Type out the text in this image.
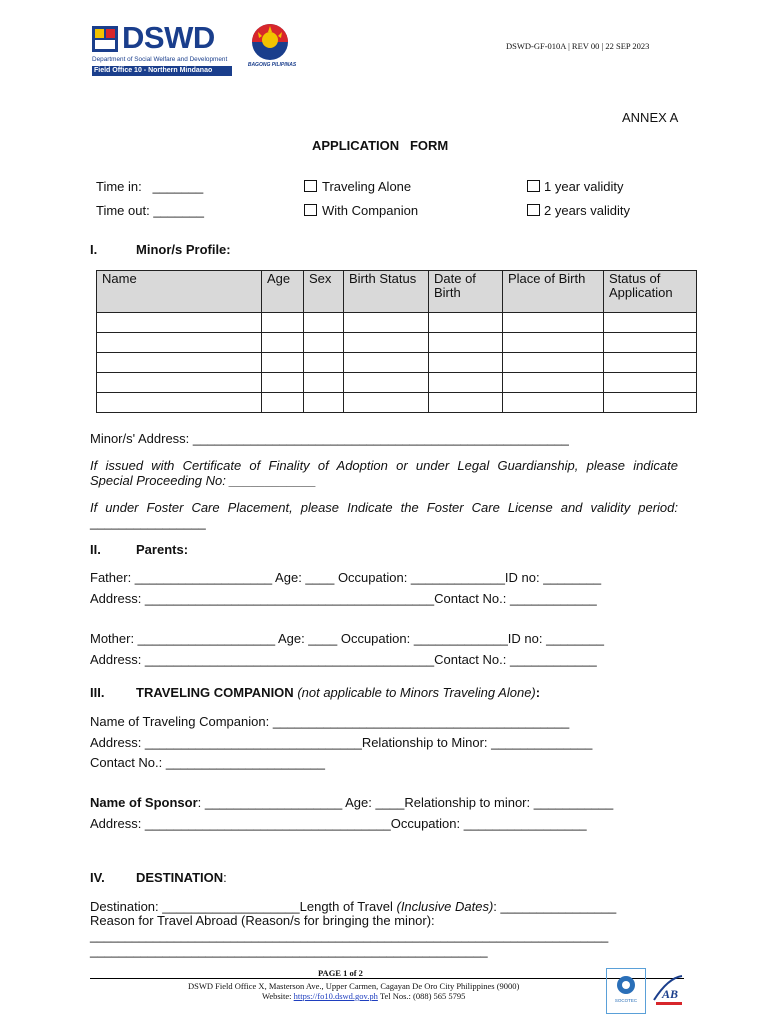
DSWD
Department of Social Welfare and Development
Field Office 10 - Northern Mindanao
BAGONG PILIPINAS
DSWD-GF-010A | REV 00 | 22 SEP 2023
ANNEX A
APPLICATION   FORM
Time in:   _______
Time out: _______
Traveling Alone
With Companion
1 year validity
2 years validity
I.	Minor/s Profile:
Name	Age	Sex	Birth Status	Date of Birth	Place of Birth	Status of Application

Minor/s' Address: ____________________________________________________
If issued with Certificate of Finality of Adoption or under Legal Guardianship, please indicate
Special Proceeding No: ____________
If under Foster Care Placement, please Indicate the Foster Care License and validity period:
________________
II.	Parents:
Father: ___________________ Age: ____ Occupation: _____________ID no: ________
Address: ________________________________________Contact No.: ____________
Mother: ___________________ Age: ____ Occupation: _____________ID no: ________
Address: ________________________________________Contact No.: ____________
III. TRAVELING COMPANION (not applicable to Minors Traveling Alone):
Name of Traveling Companion: _________________________________________
Address: ______________________________Relationship to Minor: ______________
Contact No.: ______________________
Name of Sponsor: ___________________ Age: ____Relationship to minor: ___________
Address: __________________________________Occupation: _________________
IV. DESTINATION:
Destination: ___________________Length of Travel (Inclusive Dates): ________________
Reason for Travel Abroad (Reason/s for bringing the minor):
__________________________________________________________________________
_______________________________________________________
PAGE 1 of 2
DSWD Field Office X, Masterson Ave., Upper Carmen, Cagayan De Oro City Philippines (9000)
Website: https://fo10.dswd.gov.ph Tel Nos.: (088) 565 5795	SOCOTEC AB
